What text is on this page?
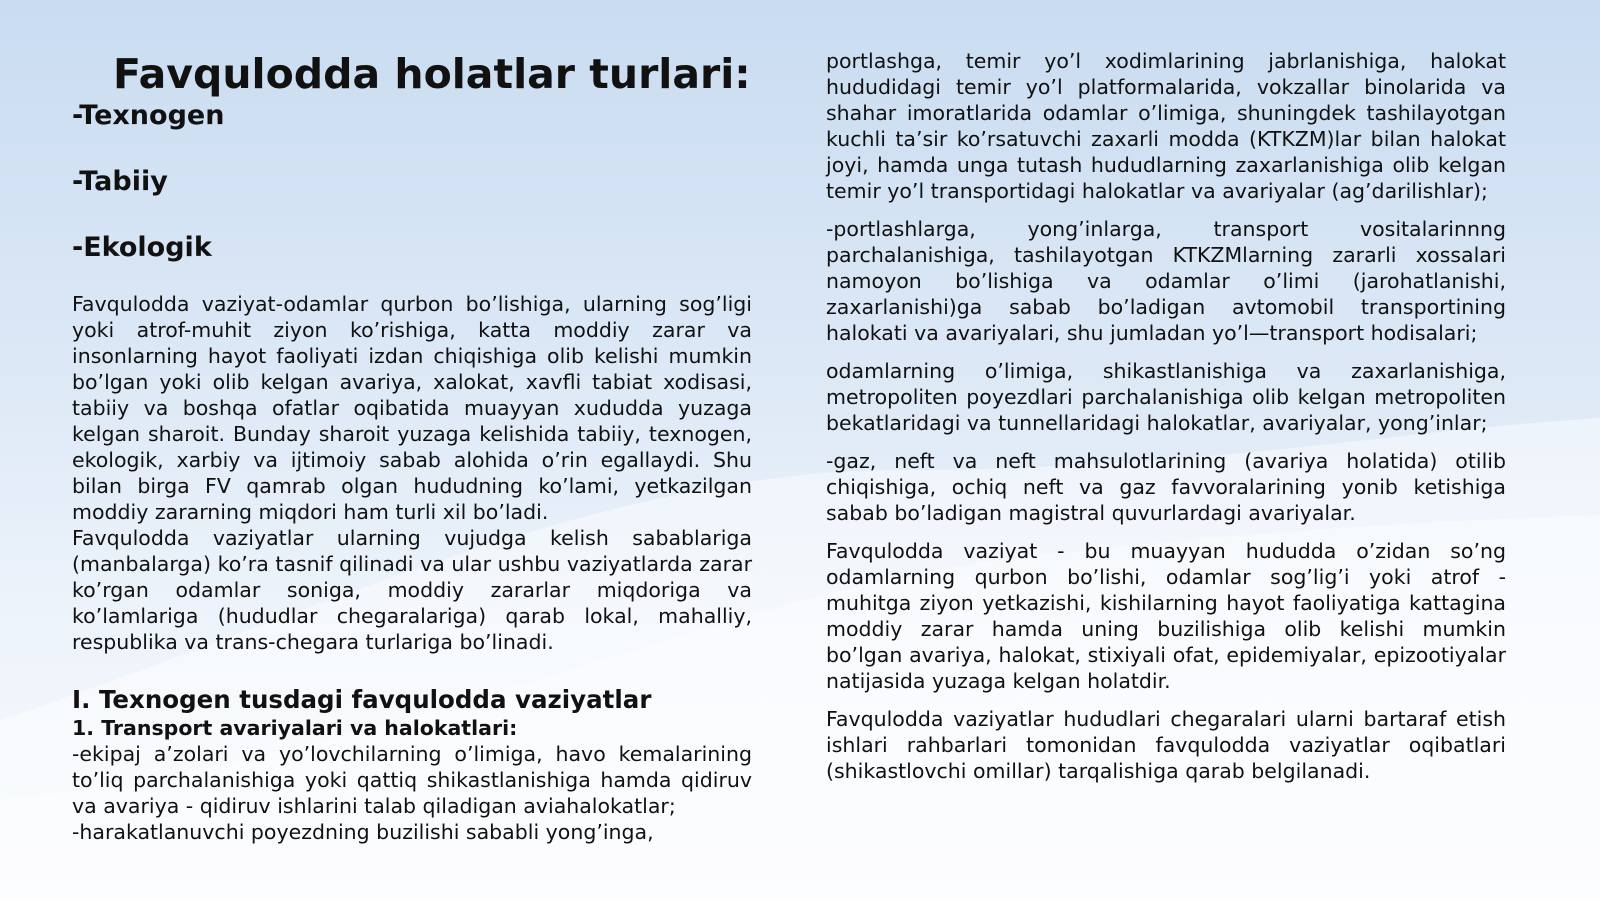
Favqulodda holatlar turlari:
-Texnogen
-Tabiiy
-Ekologik

Favqulodda vaziyat-odamlar qurbon bo’lishiga, ularning sog’ligi yoki atrof-muhit ziyon ko’rishiga, katta moddiy zarar va insonlarning hayot faoliyati izdan chiqishiga olib kelishi mumkin bo’lgan yoki olib kelgan avariya, xalokat, xavfli tabiat xodisasi, tabiiy va boshqa ofatlar oqibatida muayyan xududda yuzaga kelgan sharoit. Bunday sharoit yuzaga kelishida tabiiy, texnogen, ekologik, xarbiy va ijtimoiy sabab alohida o’rin egallaydi. Shu bilan birga FV qamrab olgan hududning ko’lami, yetkazilgan moddiy zararning miqdori ham turli xil bo’ladi.

Favqulodda vaziyatlar ularning vujudga kelish sabablariga (manbalarga) ko’ra tasnif qilinadi va ular ushbu vaziyatlarda zarar ko’rgan odamlar soniga, moddiy zararlar miqdoriga va ko’lamlariga (hududlar chegaralariga) qarab lokal, mahalliy, respublika va trans-chegara turlariga bo’linadi.

I. Texnogen tusdagi favqulodda vaziyatlar

1. Transport avariyalari va halokatlari:

-ekipaj a’zolari va yo’lovchilarning o’limiga, havo kemalarining to’liq parchalanishiga yoki qattiq shikastlanishiga hamda qidiruv va avariya - qidiruv ishlarini talab qiladigan aviahalokatlar;

-harakatlanuvchi poyezdning buzilishi sababli yong’inga,

portlashga, temir yo’l xodimlarining jabrlanishiga, halokat hududidagi temir yo’l platformalarida, vokzallar binolarida va shahar imoratlarida odamlar o’limiga, shuningdek tashilayotgan kuchli ta’sir ko’rsatuvchi zaxarli modda (KTKZM)lar bilan halokat joyi, hamda unga tutash hududlarning zaxarlanishiga olib kelgan temir yo’l transportidagi halokatlar va avariyalar (ag’darilishlar);

-portlashlarga, yong’inlarga, transport vositalarinnng parchalanishiga, tashilayotgan KTKZMlarning zararli xossalari namoyon bo’lishiga va odamlar o’limi (jarohatlanishi, zaxarlanishi)ga sabab bo’ladigan avtomobil transportining halokati va avariyalari, shu jumladan yo’l—transport hodisalari;

odamlarning o’limiga, shikastlanishiga va zaxarlanishiga, metropoliten poyezdlari parchalanishiga olib kelgan metropoliten bekatlaridagi va tunnellaridagi halokatlar, avariyalar, yong’inlar;

-gaz, neft va neft mahsulotlarining (avariya holatida) otilib chiqishiga, ochiq neft va gaz favvoralarining yonib ketishiga sabab bo’ladigan magistral quvurlardagi avariyalar.

Favqulodda vaziyat - bu muayyan hududda o’zidan so’ng odamlarning qurbon bo’lishi, odamlar sog’lig’i yoki atrof - muhitga ziyon yetkazishi, kishilarning hayot faoliyatiga kattagina moddiy zarar hamda uning buzilishiga olib kelishi mumkin bo’lgan avariya, halokat, stixiyali ofat, epidemiyalar, epizootiyalar natijasida yuzaga kelgan holatdir.

Favqulodda vaziyatlar hududlari chegaralari ularni bartaraf etish ishlari rahbarlari tomonidan favqulodda vaziyatlar oqibatlari (shikastlovchi omillar) tarqalishiga qarab belgilanadi.
